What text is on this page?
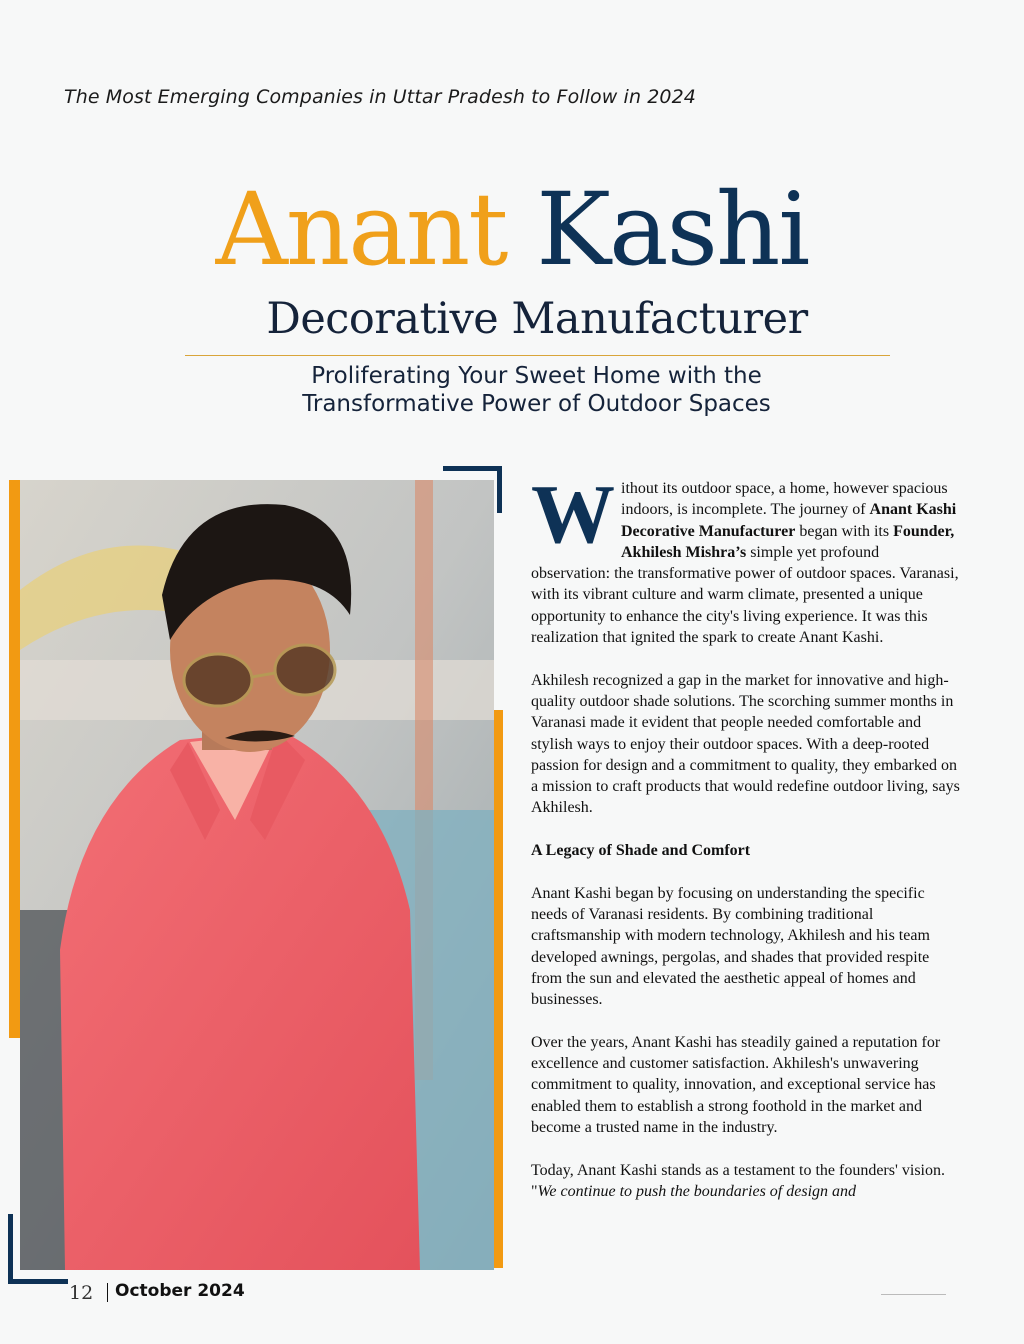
The Most Emerging Companies in Uttar Pradesh to Follow in 2024
Anant Kashi
Decorative Manufacturer
Proliferating Your Sweet Home with the
Transformative Power of Outdoor Spaces

Without its outdoor space, a home, however spacious indoors, is incomplete. The journey of Anant Kashi Decorative Manufacturer began with its Founder, Akhilesh Mishra’s simple yet profound observation: the transformative power of outdoor spaces. Varanasi, with its vibrant culture and warm climate, presented a unique opportunity to enhance the city's living experience. It was this realization that ignited the spark to create Anant Kashi.

Akhilesh recognized a gap in the market for innovative and high-quality outdoor shade solutions. The scorching summer months in Varanasi made it evident that people needed comfortable and stylish ways to enjoy their outdoor spaces. With a deep-rooted passion for design and a commitment to quality, they embarked on a mission to craft products that would redefine outdoor living, says Akhilesh.

A Legacy of Shade and Comfort

Anant Kashi began by focusing on understanding the specific needs of Varanasi residents. By combining traditional craftsmanship with modern technology, Akhilesh and his team developed awnings, pergolas, and shades that provided respite from the sun and elevated the aesthetic appeal of homes and businesses.

Over the years, Anant Kashi has steadily gained a reputation for excellence and customer satisfaction. Akhilesh's unwavering commitment to quality, innovation, and exceptional service has enabled them to establish a strong foothold in the market and become a trusted name in the industry.

Today, Anant Kashi stands as a testament to the founders' vision. "We continue to push the boundaries of design and

12 October 2024
